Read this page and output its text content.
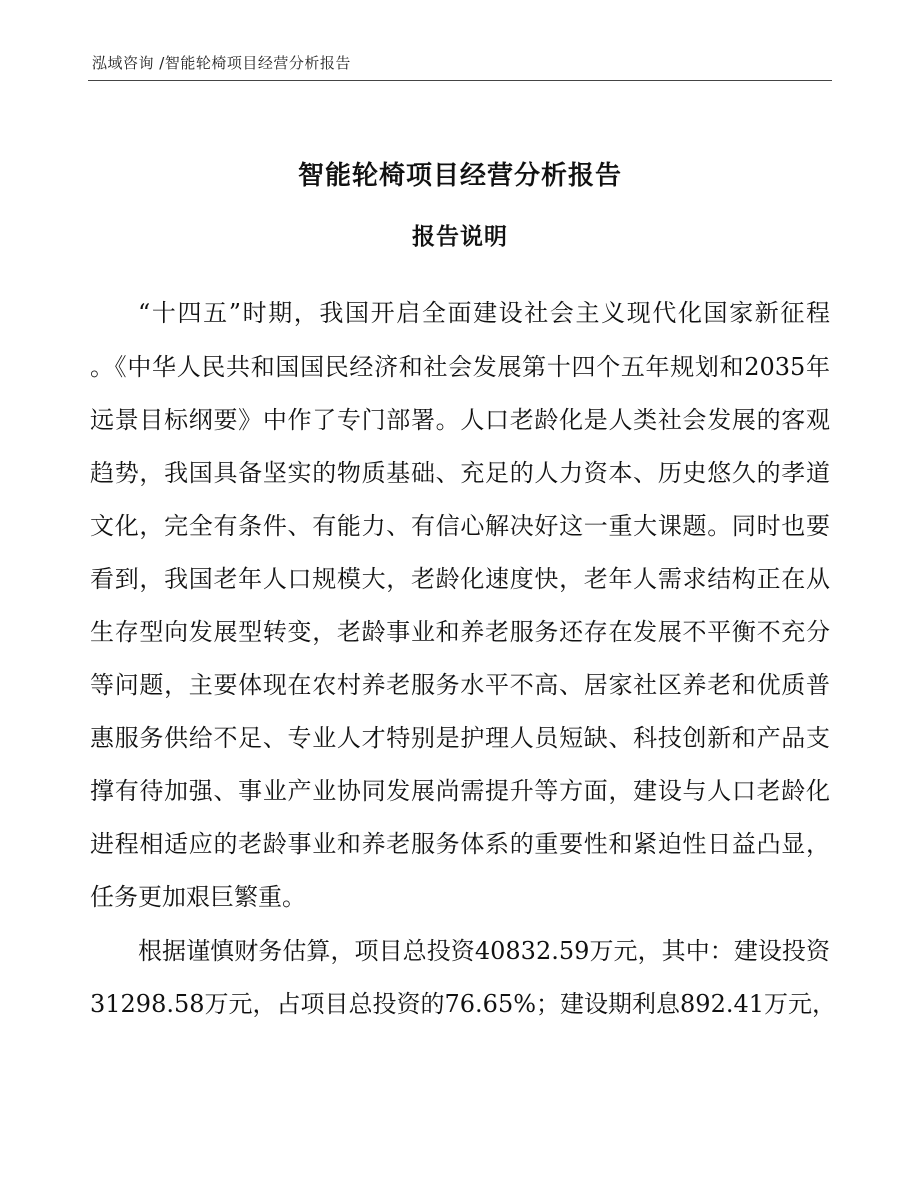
泓域咨询 /智能轮椅项目经营分析报告
智能轮椅项目经营分析报告
报告说明
“十四五”时期，我国开启全面建设社会主义现代化国家新征程
。《中华人民共和国国民经济和社会发展第十四个五年规划和2035年
远景目标纲要》中作了专门部署。人口老龄化是人类社会发展的客观
趋势，我国具备坚实的物质基础、充足的人力资本、历史悠久的孝道
文化，完全有条件、有能力、有信心解决好这一重大课题。同时也要
看到，我国老年人口规模大，老龄化速度快，老年人需求结构正在从
生存型向发展型转变，老龄事业和养老服务还存在发展不平衡不充分
等问题，主要体现在农村养老服务水平不高、居家社区养老和优质普
惠服务供给不足、专业人才特别是护理人员短缺、科技创新和产品支
撑有待加强、事业产业协同发展尚需提升等方面，建设与人口老龄化
进程相适应的老龄事业和养老服务体系的重要性和紧迫性日益凸显，
任务更加艰巨繁重。
根据谨慎财务估算，项目总投资40832.59万元，其中：建设投资
31298.58万元，占项目总投资的76.65%；建设期利息892.41万元，
